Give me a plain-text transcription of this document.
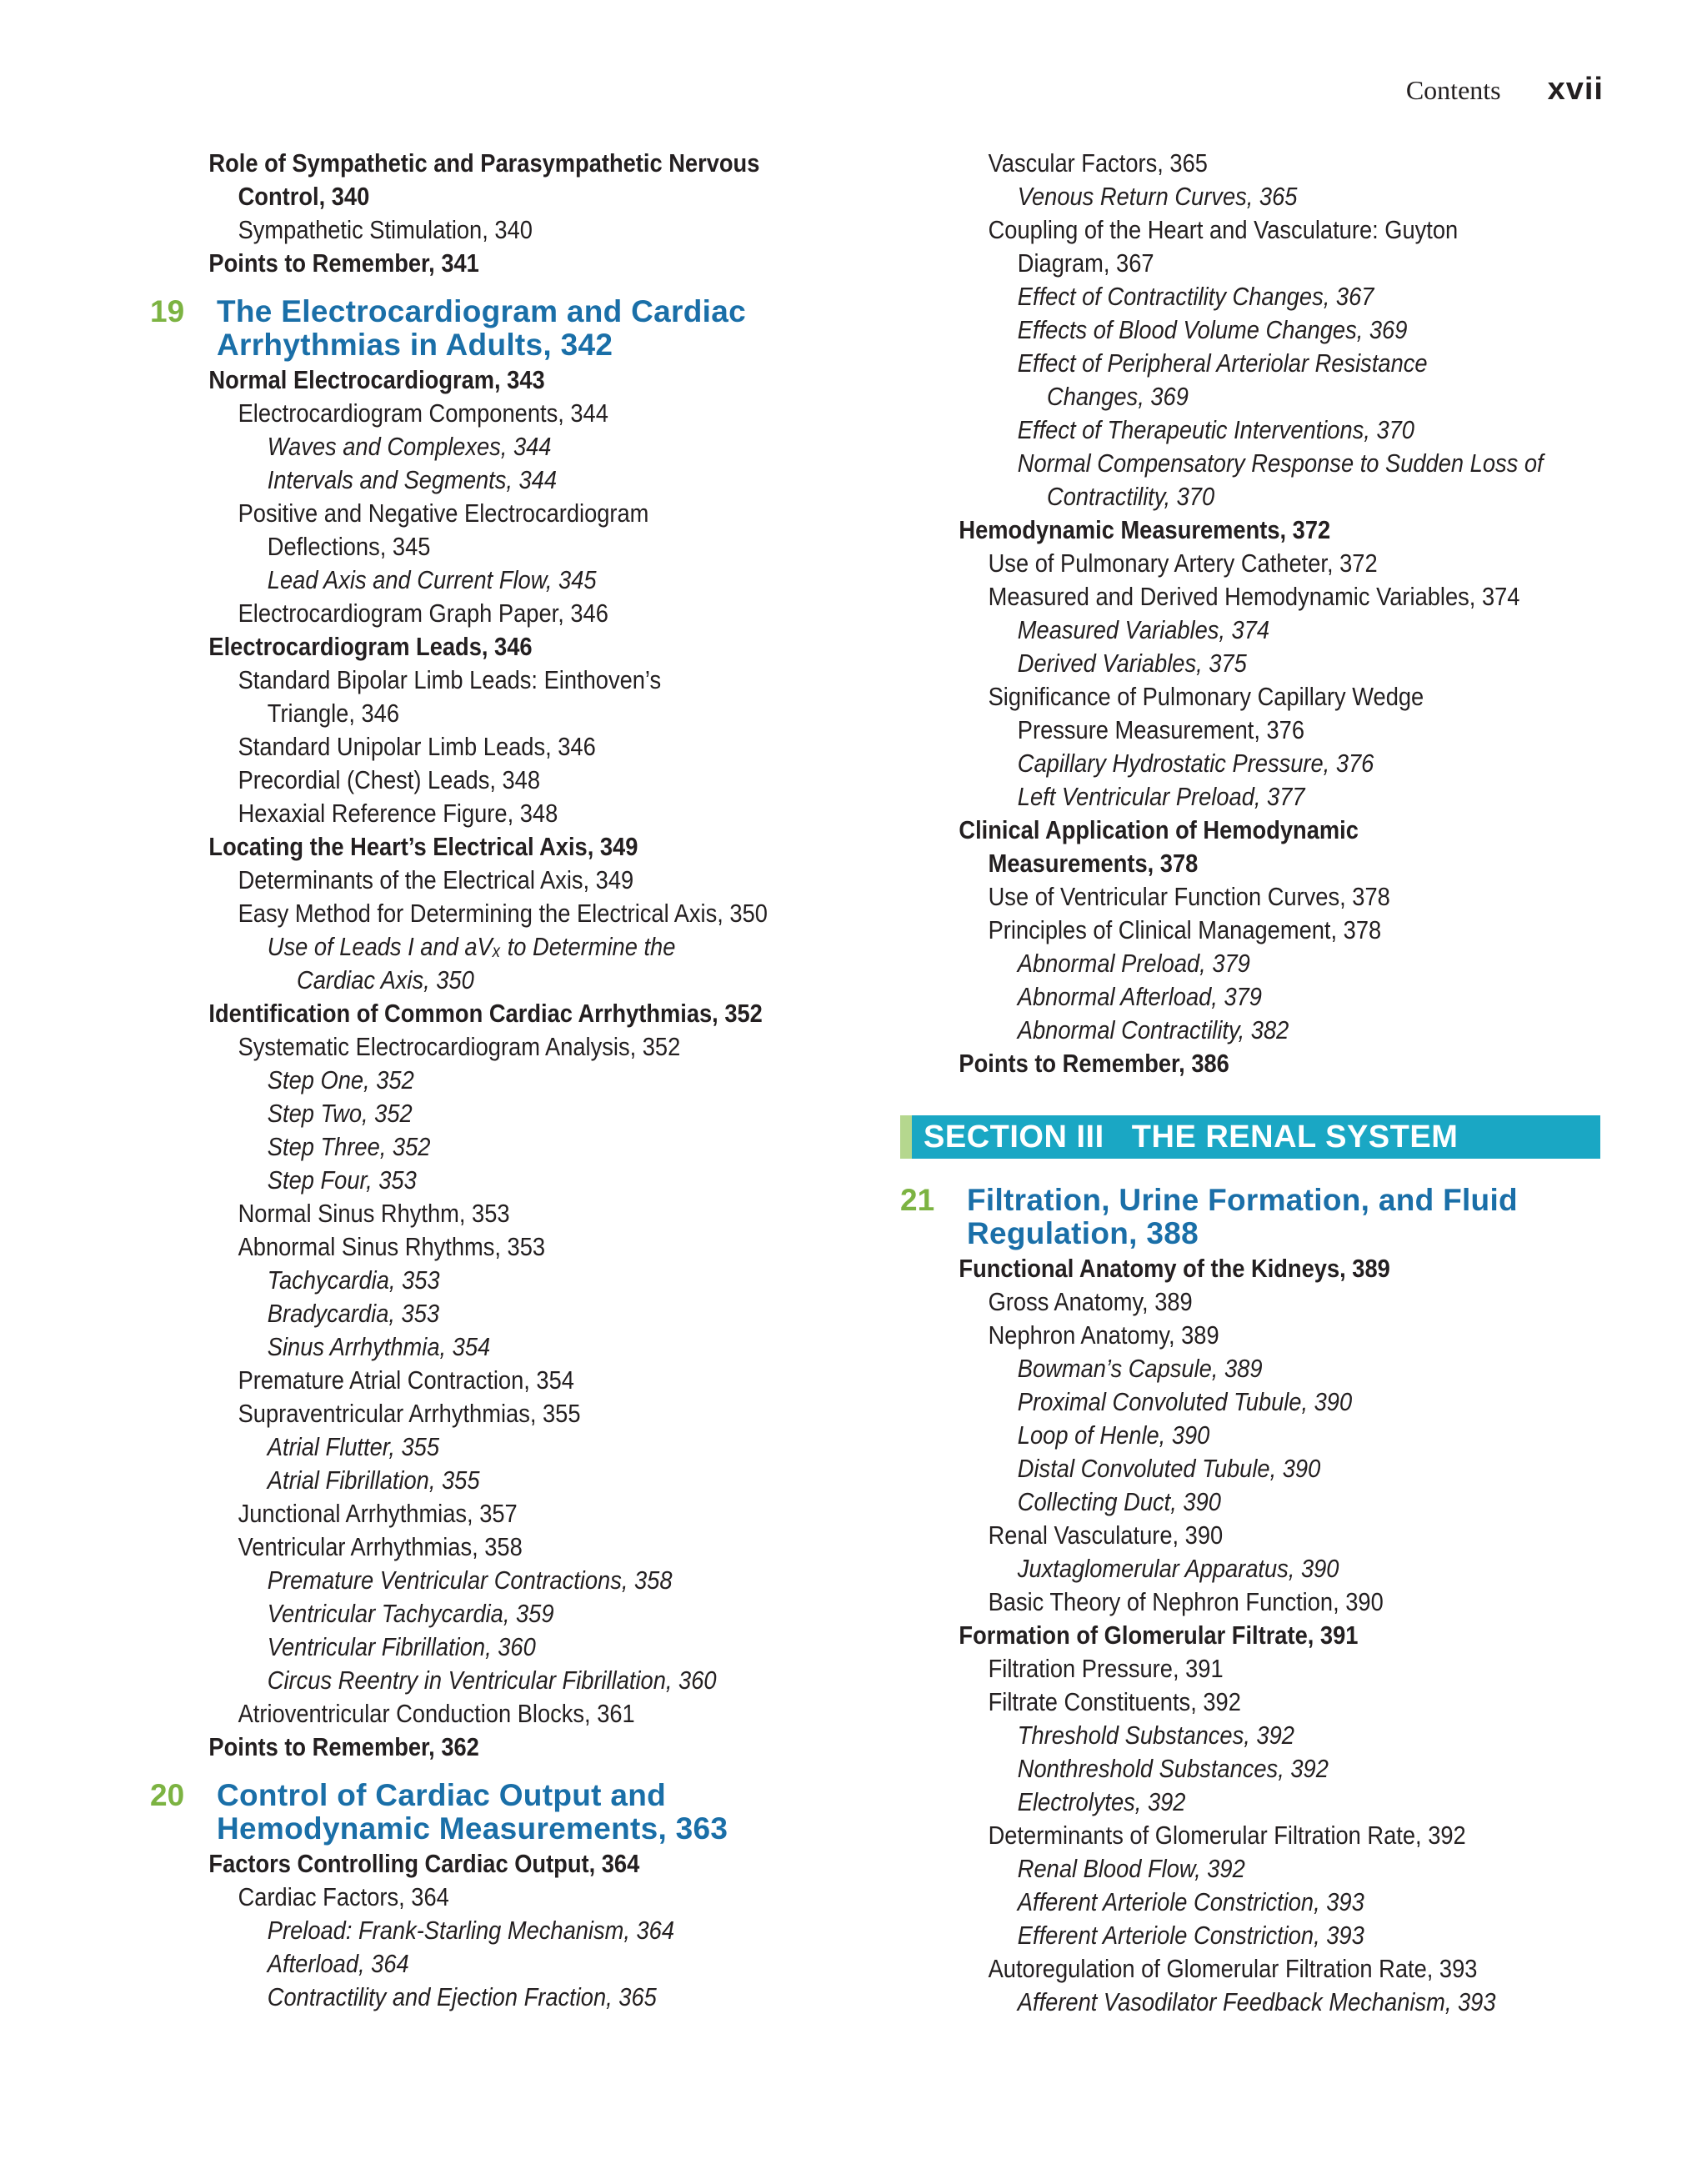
Contents xvii
Role of Sympathetic and Parasympathetic Nervous
Control, 340
Sympathetic Stimulation, 340
Points to Remember, 341
19	The Electrocardiogram and Cardiac
Arrhythmias in Adults, 342
Normal Electrocardiogram, 343
Electrocardiogram Components, 344
Waves and Complexes, 344
Intervals and Segments, 344
Positive and Negative Electrocardiogram
Deflections, 345
Lead Axis and Current Flow, 345
Electrocardiogram Graph Paper, 346
Electrocardiogram Leads, 346
Standard Bipolar Limb Leads: Einthoven’s
Triangle, 346
Standard Unipolar Limb Leads, 346
Precordial (Chest) Leads, 348
Hexaxial Reference Figure, 348
Locating the Heart’s Electrical Axis, 349
Determinants of the Electrical Axis, 349
Easy Method for Determining the Electrical Axis, 350
Use of Leads I and aVₓ to Determine the
Cardiac Axis, 350
Identification of Common Cardiac Arrhythmias, 352
Systematic Electrocardiogram Analysis, 352
Step One, 352
Step Two, 352
Step Three, 352
Step Four, 353
Normal Sinus Rhythm, 353
Abnormal Sinus Rhythms, 353
Tachycardia, 353
Bradycardia, 353
Sinus Arrhythmia, 354
Premature Atrial Contraction, 354
Supraventricular Arrhythmias, 355
Atrial Flutter, 355
Atrial Fibrillation, 355
Junctional Arrhythmias, 357
Ventricular Arrhythmias, 358
Premature Ventricular Contractions, 358
Ventricular Tachycardia, 359
Ventricular Fibrillation, 360
Circus Reentry in Ventricular Fibrillation, 360
Atrioventricular Conduction Blocks, 361
Points to Remember, 362
20	Control of Cardiac Output and
Hemodynamic Measurements, 363
Factors Controlling Cardiac Output, 364
Cardiac Factors, 364
Preload: Frank-Starling Mechanism, 364
Afterload, 364
Contractility and Ejection Fraction, 365
Vascular Factors, 365
Venous Return Curves, 365
Coupling of the Heart and Vasculature: Guyton
Diagram, 367
Effect of Contractility Changes, 367
Effects of Blood Volume Changes, 369
Effect of Peripheral Arteriolar Resistance
Changes, 369
Effect of Therapeutic Interventions, 370
Normal Compensatory Response to Sudden Loss of
Contractility, 370
Hemodynamic Measurements, 372
Use of Pulmonary Artery Catheter, 372
Measured and Derived Hemodynamic Variables, 374
Measured Variables, 374
Derived Variables, 375
Significance of Pulmonary Capillary Wedge
Pressure Measurement, 376
Capillary Hydrostatic Pressure, 376
Left Ventricular Preload, 377
Clinical Application of Hemodynamic
Measurements, 378
Use of Ventricular Function Curves, 378
Principles of Clinical Management, 378
Abnormal Preload, 379
Abnormal Afterload, 379
Abnormal Contractility, 382
Points to Remember, 386
SECTION III   THE RENAL SYSTEM
21	Filtration, Urine Formation, and Fluid
Regulation, 388
Functional Anatomy of the Kidneys, 389
Gross Anatomy, 389
Nephron Anatomy, 389
Bowman’s Capsule, 389
Proximal Convoluted Tubule, 390
Loop of Henle, 390
Distal Convoluted Tubule, 390
Collecting Duct, 390
Renal Vasculature, 390
Juxtaglomerular Apparatus, 390
Basic Theory of Nephron Function, 390
Formation of Glomerular Filtrate, 391
Filtration Pressure, 391
Filtrate Constituents, 392
Threshold Substances, 392
Nonthreshold Substances, 392
Electrolytes, 392
Determinants of Glomerular Filtration Rate, 392
Renal Blood Flow, 392
Afferent Arteriole Constriction, 393
Efferent Arteriole Constriction, 393
Autoregulation of Glomerular Filtration Rate, 393
Afferent Vasodilator Feedback Mechanism, 393
